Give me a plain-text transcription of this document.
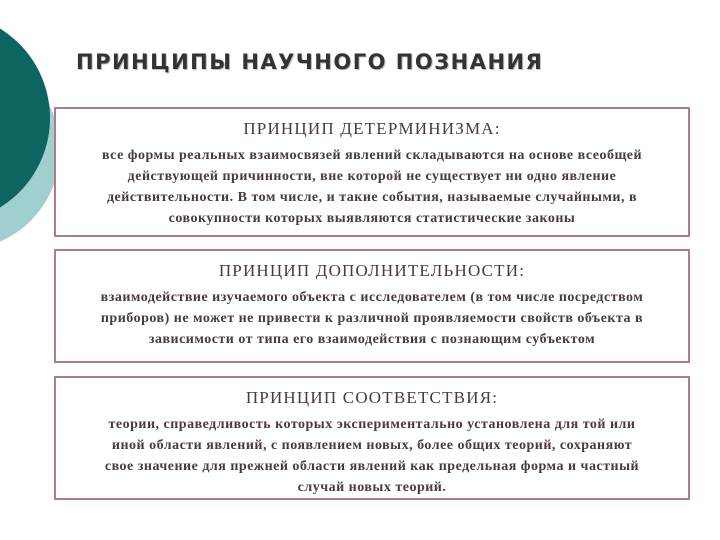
ПРИНЦИПЫ НАУЧНОГО ПОЗНАНИЯ
ПРИНЦИП ДЕТЕРМИНИЗМА:
все формы реальных взаимосвязей явлений складываются на основе всеобщей
действующей причинности, вне которой не существует ни одно явление
действительности. В том числе, и такие события, называемые случайными, в
совокупности которых выявляются статистические законы
ПРИНЦИП ДОПОЛНИТЕЛЬНОСТИ:
взаимодействие изучаемого объекта с исследователем (в том числе посредством
приборов) не может не привести к различной проявляемости свойств объекта в
зависимости от типа его взаимодействия с познающим субъектом
ПРИНЦИП СООТВЕТСТВИЯ:
теории, справедливость которых экспериментально установлена для той или
иной области явлений, с появлением новых, более общих теорий, сохраняют
свое значение для прежней области явлений как предельная форма и частный
случай новых теорий.
